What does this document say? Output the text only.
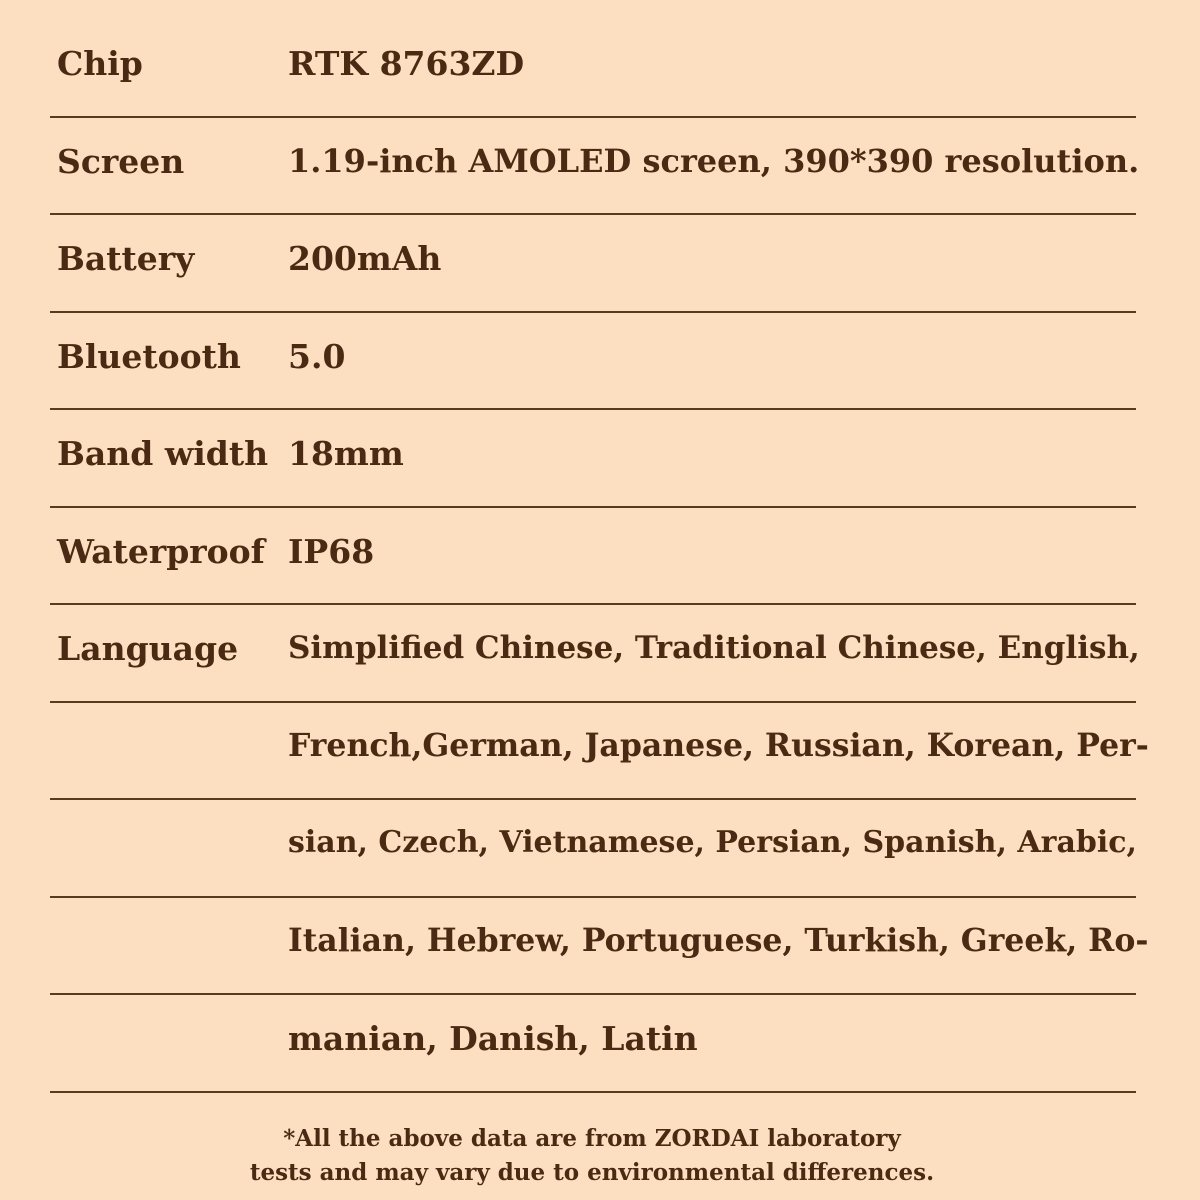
Chip	RTK 8763ZD
Screen	1.19-inch AMOLED screen, 390*390 resolution.
Battery	200mAh
Bluetooth 5.0
Band width 18mm
Waterproof IP68
Language Simplified Chinese, Traditional Chinese, English,
French,German, Japanese, Russian, Korean, Per-
sian, Czech, Vietnamese, Persian, Spanish, Arabic,
Italian, Hebrew, Portuguese, Turkish, Greek, Ro-
manian, Danish, Latin
*All the above data are from ZORDAI laboratory
tests and may vary due to environmental differences.
